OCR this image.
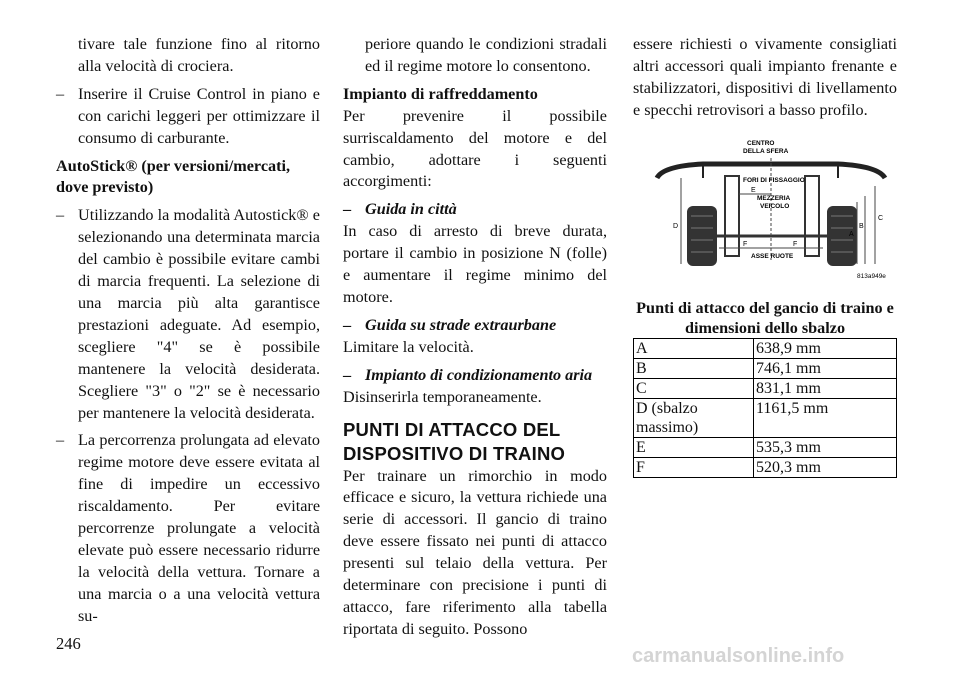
tivare tale funzione fino al ritorno alla velocità di crociera.

– Inserire il Cruise Control in piano e con carichi leggeri per ottimizzare il consumo di carburante.

AutoStick® (per versioni/mercati, dove previsto)

– Utilizzando la modalità Autostick® e selezionando una determinata marcia del cambio è possibile evitare cambi di marcia frequenti. La selezione di una marcia più alta garantisce prestazioni adeguate. Ad esempio, scegliere "4" se è possibile mantenere la velocità desiderata. Scegliere "3" o "2" se è necessario per mantenere la velocità desiderata.

– La percorrenza prolungata ad elevato regime motore deve essere evitata al fine di impedire un eccessivo riscaldamento. Per evitare percorrenze prolungate a velocità elevate può essere necessario ridurre la velocità della vettura. Tornare a una marcia o a una velocità vettura su-

periore quando le condizioni stradali ed il regime motore lo consentono.

Impianto di raffreddamento

Per prevenire il possibile surriscaldamento del motore e del cambio, adottare i seguenti accorgimenti:

– Guida in città

In caso di arresto di breve durata, portare il cambio in posizione N (folle) e aumentare il regime minimo del motore.

– Guida su strade extraurbane

Limitare la velocità.

– Impianto di condizionamento aria

Disinserirla temporaneamente.

PUNTI DI ATTACCO DEL DISPOSITIVO DI TRAINO

Per trainare un rimorchio in modo efficace e sicuro, la vettura richiede una serie di accessori. Il gancio di traino deve essere fissato nei punti di attacco presenti sul telaio della vettura. Per determinare con precisione i punti di attacco, fare riferimento alla tabella riportata di seguito. Possono

essere richiesti o vivamente consigliati altri accessori quali impianto frenante e stabilizzatori, dispositivi di livellamento e specchi retrovisori a basso profilo.

CENTRO
DELLA SFERA
FORI DI FISSAGGIO
MEZZERIA
VEICOLO
ASSE RUOTE
D
A
B
C
E
F	F
813a949e
Punti di attacco del gancio di traino e dimensioni dello sbalzo
A	638,9 mm
B	746,1 mm
C	831,1 mm
D (sbalzo massimo)	1161,5 mm
E	535,3 mm
F	520,3 mm
246
carmanualsonline.info
